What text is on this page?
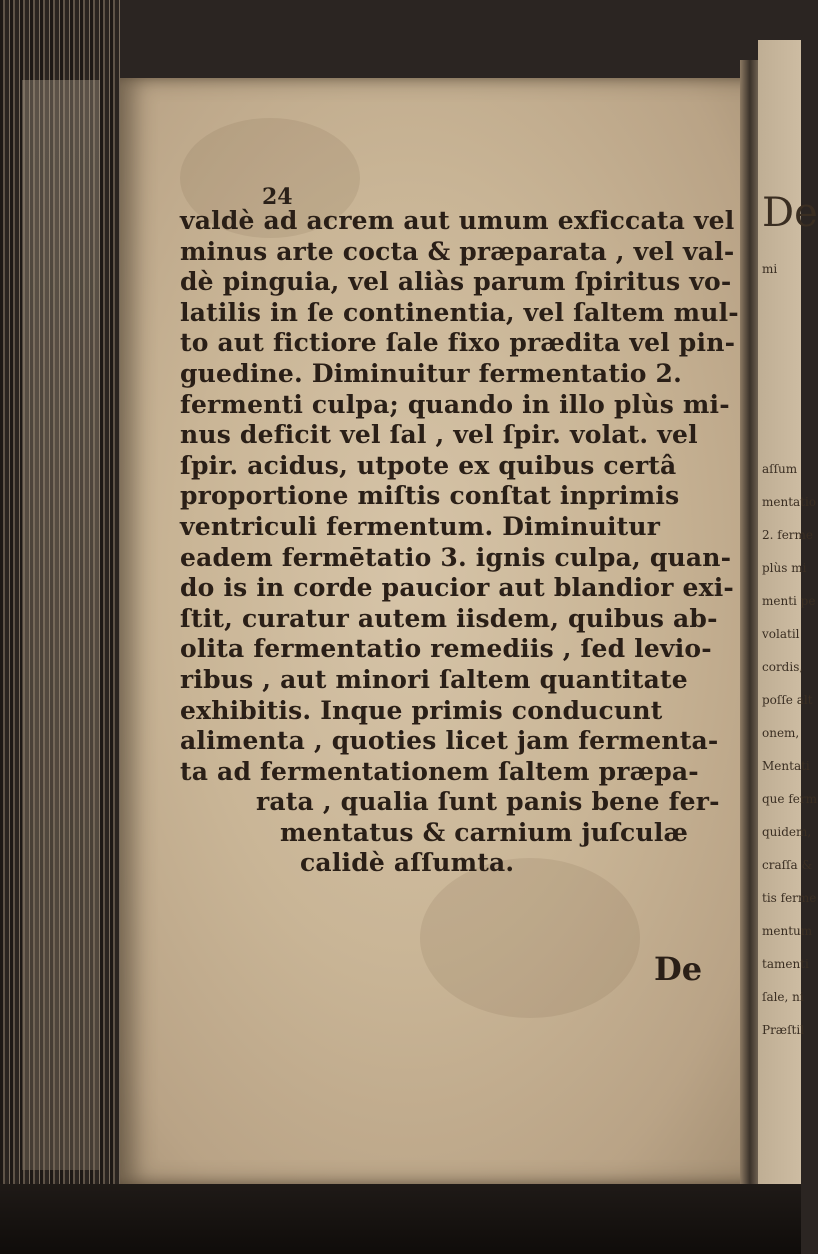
De
mi
aſſum
mentatio
2. ferme
plùs mi
menti pe
volatil
cordis,
poſſe alt
onem,
Mentati
que ferm
quidem,
craſſa &
tis ferme
mentum
tamenti
ſale, ni
Præſtil
24
valdè ad acrem aut umum exficcata vel
minus arte cocta & præparata , vel val-
dè pinguia, vel aliàs parum ſpiritus vo-
latilis in ſe continentia, vel ſaltem mul-
to aut fictiore ſale fixo prædita vel pin-
guedine. Diminuitur fermentatio 2.
fermenti culpa; quando in illo plùs mi-
nus deficit vel ſal , vel ſpir. volat. vel
ſpir. acidus, utpote ex quibus certâ
proportione miſtis conſtat inprimis
ventriculi fermentum. Diminuitur
eadem fermētatio 3. ignis culpa, quan-
do is in corde paucior aut blandior exi-
ſtit, curatur autem iisdem, quibus ab-
olita fermentatio remediis , ſed levio-
ribus , aut minori ſaltem quantitate
exhibitis. Inque primis conducunt
alimenta , quoties licet jam fermenta-
ta ad fermentationem ſaltem præpa-
rata , qualia ſunt panis bene fer-
mentatus & carnium juſculæ
calidè aſſumta.
De
